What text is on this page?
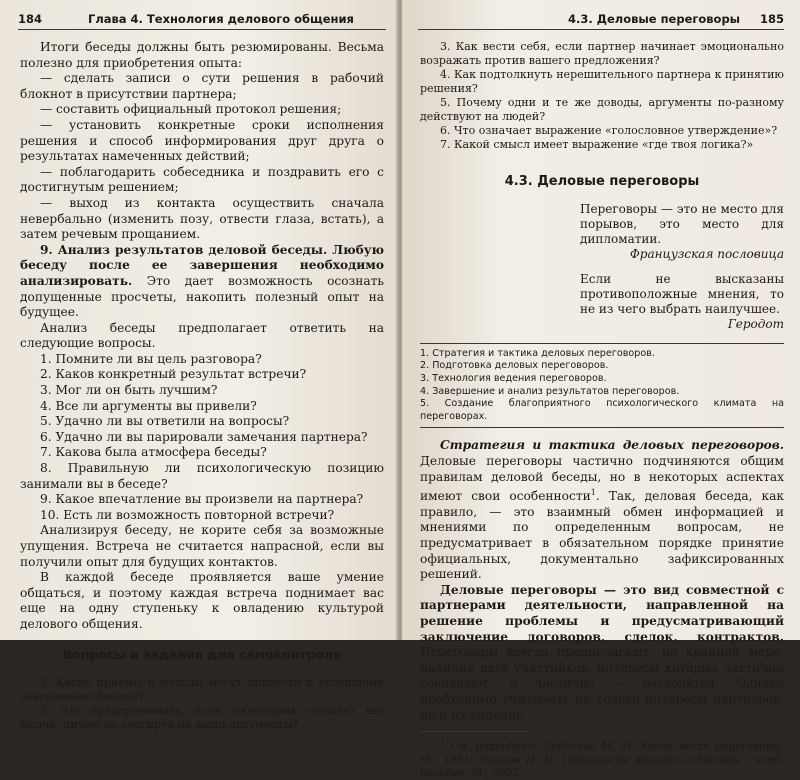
184	Глава 4. Технология делового общения

Итоги беседы должны быть резюмированы. Весьма полезно для приобретения опыта:

— сделать записи о сути решения в рабочий блокнот в присутствии партнера;

— составить официальный протокол решения;

— установить конкретные сроки исполнения решения и способ информирования друг друга о результатах намеченных действий;

— поблагодарить собеседника и поздравить его с достигнутым решением;

— выход из контакта осуществить сначала невербально (изменить позу, отвести глаза, встать), а затем речевым прощанием.

9. Анализ результатов деловой беседы. Любую беседу после ее завершения необходимо анализировать. Это дает возможность осознать допущенные просчеты, накопить полезный опыт на будущее.

Анализ беседы предполагает ответить на следующие вопросы.

1. Помните ли вы цель разговора?

2. Каков конкретный результат встречи?

3. Мог ли он быть лучшим?

4. Все ли аргументы вы привели?

5. Удачно ли вы ответили на вопросы?

6. Удачно ли вы парировали замечания партнера?

7. Какова была атмосфера беседы?

8. Правильную ли психологическую позицию занимали вы в беседе?

9. Какое впечатление вы произвели на партнера?

10. Есть ли возможность повторной встречи?

Анализируя беседу, не корите себя за возможные упущения. Встреча не считается напрасной, если вы получили опыт для будущих контактов.

В каждой беседе проявляется ваше умение общаться, и поэтому каждая встреча поднимает вас еще на одну ступеньку к овладению культурой делового общения.

Вопросы и задания для самоконтроля

1. Какие приемы и методы могут привести к успешному завершению беседы?

2. Что предпринимать, если собеседник слушает вас молча, ничем не реагируя на ваши аргументы?

4.3. Деловые переговоры 185

3. Как вести себя, если партнер начинает эмоционально возражать против вашего предложения?

4. Как подтолкнуть нерешительного партнера к принятию решения?

5. Почему одни и те же доводы, аргументы по-разному действуют на людей?

6. Что означает выражение «голословное утверждение»?

7. Какой смысл имеет выражение «где твоя логика?»

4.3. Деловые переговоры

Переговоры — это не место для порывов, это место для дипломатии.

Французская пословица

Если не высказаны противоположные мнения, то не из чего выбрать наилучшее.

Геродот

1. Стратегия и тактика деловых переговоров.
2. Подготовка деловых переговоров.
3. Технология ведения переговоров.
4. Завершение и анализ результатов переговоров.
5. Создание благоприятного психологического климата на переговорах.

Стратегия и тактика деловых переговоров. Деловые переговоры частично подчиняются общим правилам деловой беседы, но в некоторых аспектах имеют свои особенности$^1$. Так, деловая беседа, как правило, — это взаимный обмен информацией и мнениями по определенным вопросам, не предусматривает в обязательном порядке принятие официальных, документально зафиксированных решений.

Деловые переговоры — это вид совместной с партнерами деятельности, направленной на решение проблемы и предусматривающий заключение договоров, сделок, контрактов. Переговоры всегда предполагают, по крайней мере, наличие двух участников, интересы которых частично совпадают, а частично — расходятся. Однако необходимо учитывать не только интересы партнеров, но и их видение

$^1$ См. подробнее: Лебедева М. М. Уметь вести переговоры. М., 1991; Леонов Н. И. Психология делового общения : учеб. пособие. М., 2002.
